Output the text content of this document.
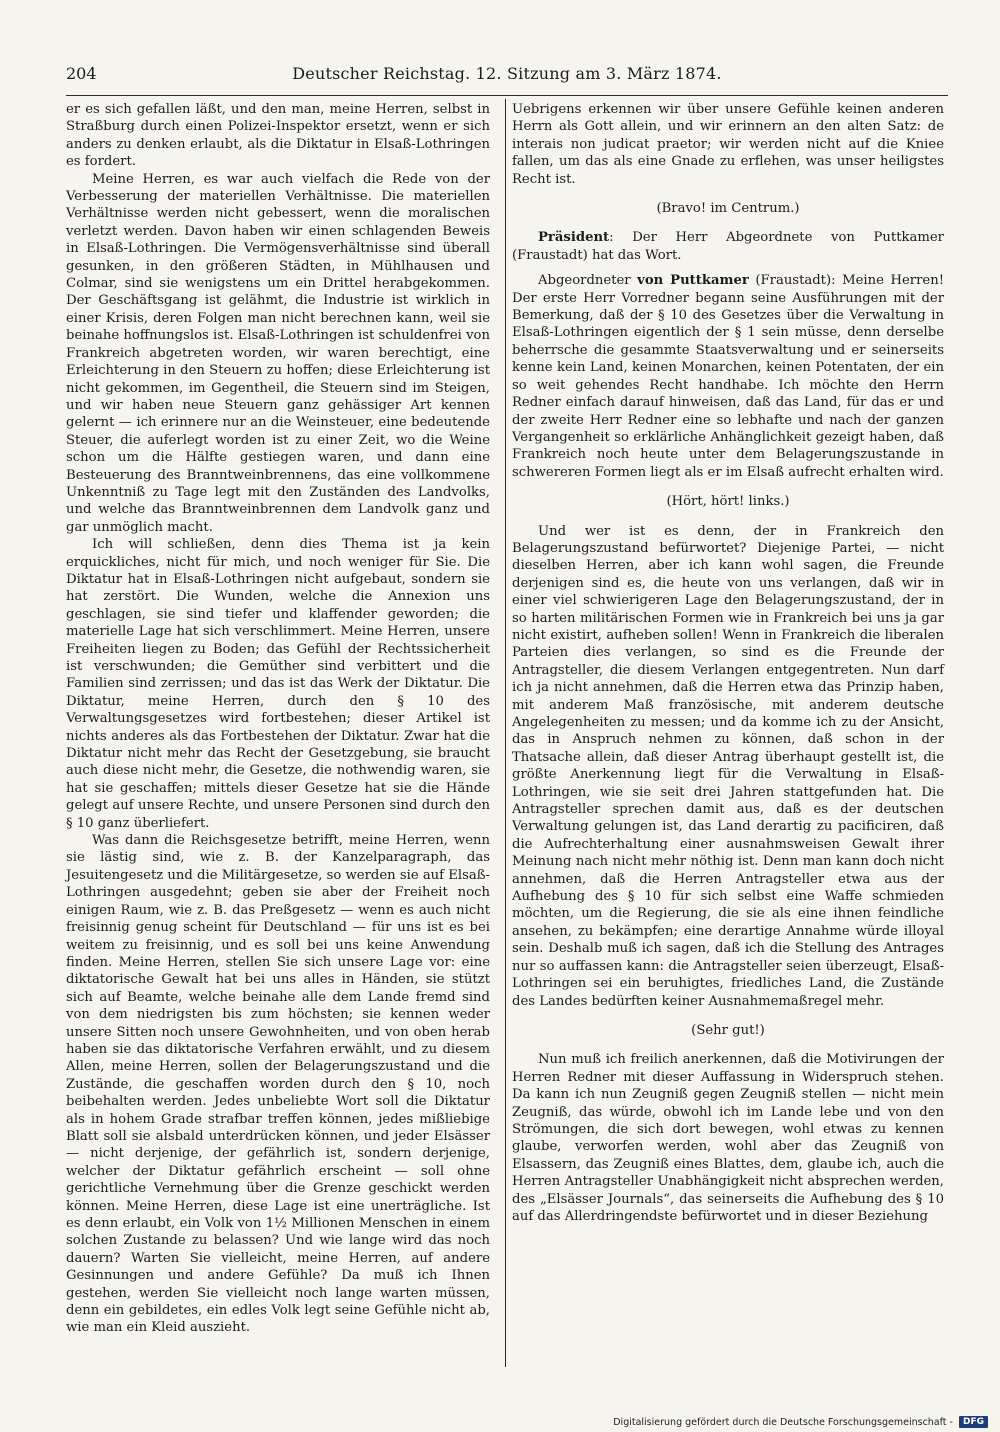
204	Deutscher Reichstag. 12. Sitzung am 3. März 1874.

er es sich gefallen läßt, und den man, meine Herren, selbst in Straßburg durch einen Polizei-Inspektor ersetzt, wenn er sich anders zu denken erlaubt, als die Diktatur in Elsaß-Lothringen es fordert.

Meine Herren, es war auch vielfach die Rede von der Verbesserung der materiellen Verhältnisse. Die materiellen Verhältnisse werden nicht gebessert, wenn die moralischen verletzt werden. Davon haben wir einen schlagenden Beweis in Elsaß-Lothringen. Die Vermögensverhältnisse sind überall gesunken, in den größeren Städten, in Mühlhausen und Colmar, sind sie wenigstens um ein Drittel herabgekommen. Der Geschäftsgang ist gelähmt, die Industrie ist wirklich in einer Krisis, deren Folgen man nicht berechnen kann, weil sie beinahe hoffnungslos ist. Elsaß-Lothringen ist schuldenfrei von Frankreich abgetreten worden, wir waren berechtigt, eine Erleichterung in den Steuern zu hoffen; diese Erleichterung ist nicht gekommen, im Gegentheil, die Steuern sind im Steigen, und wir haben neue Steuern ganz gehässiger Art kennen gelernt — ich erinnere nur an die Weinsteuer, eine bedeutende Steuer, die auferlegt worden ist zu einer Zeit, wo die Weine schon um die Hälfte gestiegen waren, und dann eine Besteuerung des Branntweinbrennens, das eine vollkommene Unkenntniß zu Tage legt mit den Zuständen des Landvolks, und welche das Branntweinbrennen dem Landvolk ganz und gar unmöglich macht.

Ich will schließen, denn dies Thema ist ja kein erquickliches, nicht für mich, und noch weniger für Sie. Die Diktatur hat in Elsaß-Lothringen nicht aufgebaut, sondern sie hat zerstört. Die Wunden, welche die Annexion uns geschlagen, sie sind tiefer und klaffender geworden; die materielle Lage hat sich verschlimmert. Meine Herren, unsere Freiheiten liegen zu Boden; das Gefühl der Rechtssicherheit ist verschwunden; die Gemüther sind verbittert und die Familien sind zerrissen; und das ist das Werk der Diktatur. Die Diktatur, meine Herren, durch den § 10 des Verwaltungsgesetzes wird fortbestehen; dieser Artikel ist nichts anderes als das Fortbestehen der Diktatur. Zwar hat die Diktatur nicht mehr das Recht der Gesetzgebung, sie braucht auch diese nicht mehr, die Gesetze, die nothwendig waren, sie hat sie geschaffen; mittels dieser Gesetze hat sie die Hände gelegt auf unsere Rechte, und unsere Personen sind durch den § 10 ganz überliefert.

Was dann die Reichsgesetze betrifft, meine Herren, wenn sie lästig sind, wie z. B. der Kanzelparagraph, das Jesuitengesetz und die Militärgesetze, so werden sie auf Elsaß-Lothringen ausgedehnt; geben sie aber der Freiheit noch einigen Raum, wie z. B. das Preßgesetz — wenn es auch nicht freisinnig genug scheint für Deutschland — für uns ist es bei weitem zu freisinnig, und es soll bei uns keine Anwendung finden. Meine Herren, stellen Sie sich unsere Lage vor: eine diktatorische Gewalt hat bei uns alles in Händen, sie stützt sich auf Beamte, welche beinahe alle dem Lande fremd sind von dem niedrigsten bis zum höchsten; sie kennen weder unsere Sitten noch unsere Gewohnheiten, und von oben herab haben sie das diktatorische Verfahren erwählt, und zu diesem Allen, meine Herren, sollen der Belagerungszustand und die Zustände, die geschaffen worden durch den § 10, noch beibehalten werden. Jedes unbeliebte Wort soll die Diktatur als in hohem Grade strafbar treffen können, jedes mißliebige Blatt soll sie alsbald unterdrücken können, und jeder Elsässer — nicht derjenige, der gefährlich ist, sondern derjenige, welcher der Diktatur gefährlich erscheint — soll ohne gerichtliche Vernehmung über die Grenze geschickt werden können. Meine Herren, diese Lage ist eine unerträgliche. Ist es denn erlaubt, ein Volk von 1½ Millionen Menschen in einem solchen Zustande zu belassen? Und wie lange wird das noch dauern? Warten Sie vielleicht, meine Herren, auf andere Gesinnungen und andere Gefühle? Da muß ich Ihnen gestehen, werden Sie vielleicht noch lange warten müssen, denn ein gebildetes, ein edles Volk legt seine Gefühle nicht ab, wie man ein Kleid auszieht.

Uebrigens erkennen wir über unsere Gefühle keinen anderen Herrn als Gott allein, und wir erinnern an den alten Satz: de interais non judicat praetor; wir werden nicht auf die Kniee fallen, um das als eine Gnade zu erflehen, was unser heiligstes Recht ist.

(Bravo! im Centrum.)

Präsident: Der Herr Abgeordnete von Puttkamer (Fraustadt) hat das Wort.

Abgeordneter von Puttkamer (Fraustadt): Meine Herren! Der erste Herr Vorredner begann seine Ausführungen mit der Bemerkung, daß der § 10 des Gesetzes über die Verwaltung in Elsaß-Lothringen eigentlich der § 1 sein müsse, denn derselbe beherrsche die gesammte Staatsverwaltung und er seinerseits kenne kein Land, keinen Monarchen, keinen Potentaten, der ein so weit gehendes Recht handhabe. Ich möchte den Herrn Redner einfach darauf hinweisen, daß das Land, für das er und der zweite Herr Redner eine so lebhafte und nach der ganzen Vergangenheit so erklärliche Anhänglichkeit gezeigt haben, daß Frankreich noch heute unter dem Belagerungszustande in schwereren Formen liegt als er im Elsaß aufrecht erhalten wird.

(Hört, hört! links.)

Und wer ist es denn, der in Frankreich den Belagerungszustand befürwortet? Diejenige Partei, — nicht dieselben Herren, aber ich kann wohl sagen, die Freunde derjenigen sind es, die heute von uns verlangen, daß wir in einer viel schwierigeren Lage den Belagerungszustand, der in so harten militärischen Formen wie in Frankreich bei uns ja gar nicht existirt, aufheben sollen! Wenn in Frankreich die liberalen Parteien dies verlangen, so sind es die Freunde der Antragsteller, die diesem Verlangen entgegentreten. Nun darf ich ja nicht annehmen, daß die Herren etwa das Prinzip haben, mit anderem Maß französische, mit anderem deutsche Angelegenheiten zu messen; und da komme ich zu der Ansicht, das in Anspruch nehmen zu können, daß schon in der Thatsache allein, daß dieser Antrag überhaupt gestellt ist, die größte Anerkennung liegt für die Verwaltung in Elsaß-Lothringen, wie sie seit drei Jahren stattgefunden hat. Die Antragsteller sprechen damit aus, daß es der deutschen Verwaltung gelungen ist, das Land derartig zu pacificiren, daß die Aufrechterhaltung einer ausnahmsweisen Gewalt ihrer Meinung nach nicht mehr nöthig ist. Denn man kann doch nicht annehmen, daß die Herren Antragsteller etwa aus der Aufhebung des § 10 für sich selbst eine Waffe schmieden möchten, um die Regierung, die sie als eine ihnen feindliche ansehen, zu bekämpfen; eine derartige Annahme würde illoyal sein. Deshalb muß ich sagen, daß ich die Stellung des Antrages nur so auffassen kann: die Antragsteller seien überzeugt, Elsaß-Lothringen sei ein beruhigtes, friedliches Land, die Zustände des Landes bedürften keiner Ausnahmemaßregel mehr.

(Sehr gut!)

Nun muß ich freilich anerkennen, daß die Motivirungen der Herren Redner mit dieser Auffassung in Widerspruch stehen. Da kann ich nun Zeugniß gegen Zeugniß stellen — nicht mein Zeugniß, das würde, obwohl ich im Lande lebe und von den Strömungen, die sich dort bewegen, wohl etwas zu kennen glaube, verworfen werden, wohl aber das Zeugniß von Elsassern, das Zeugniß eines Blattes, dem, glaube ich, auch die Herren Antragsteller Unabhängigkeit nicht absprechen werden, des „Elsässer Journals“, das seinerseits die Aufhebung des § 10 auf das Allerdringendste befürwortet und in dieser Beziehung

Digitalisierung gefördert durch die Deutsche Forschungsgemeinschaft -	DFG
